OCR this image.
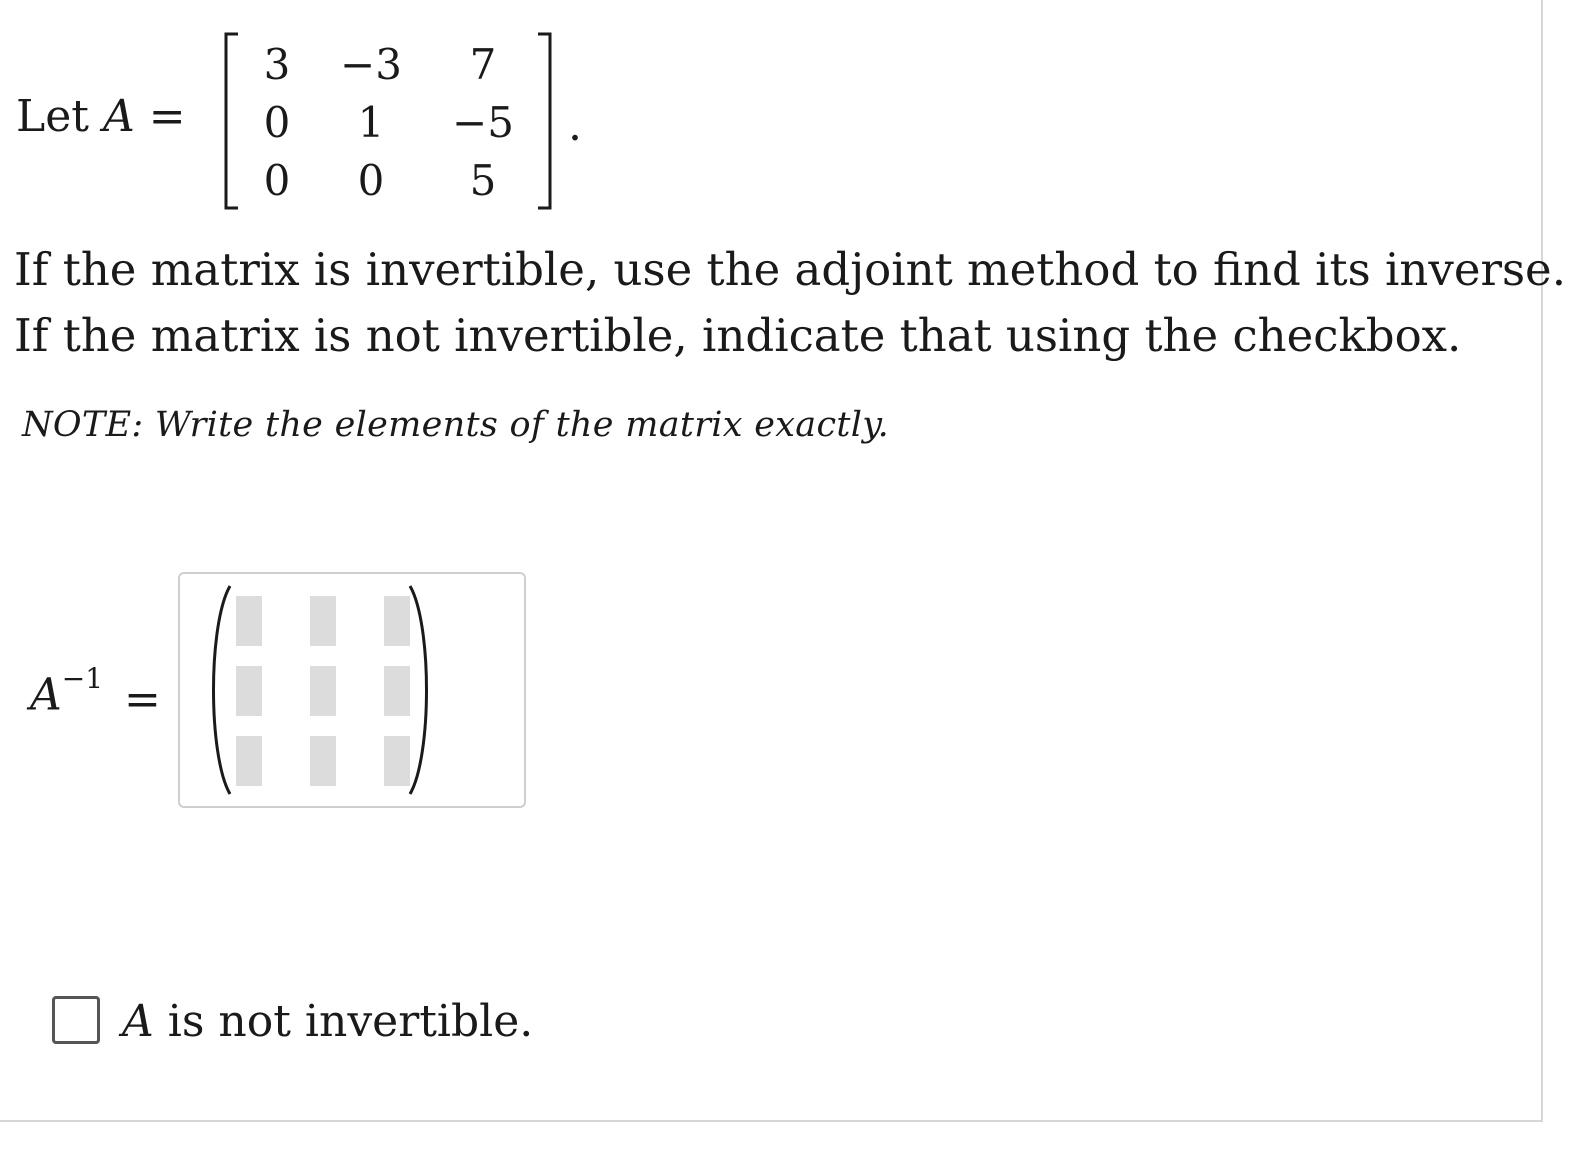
Let A =
3	−3	7
0	1	−5
0	0	5
.
If the matrix is invertible, use the adjoint method to find its inverse.
If the matrix is not invertible, indicate that using the checkbox.
NOTE: Write the elements of the matrix exactly.
$A^{-1}$ =
A is not invertible.
